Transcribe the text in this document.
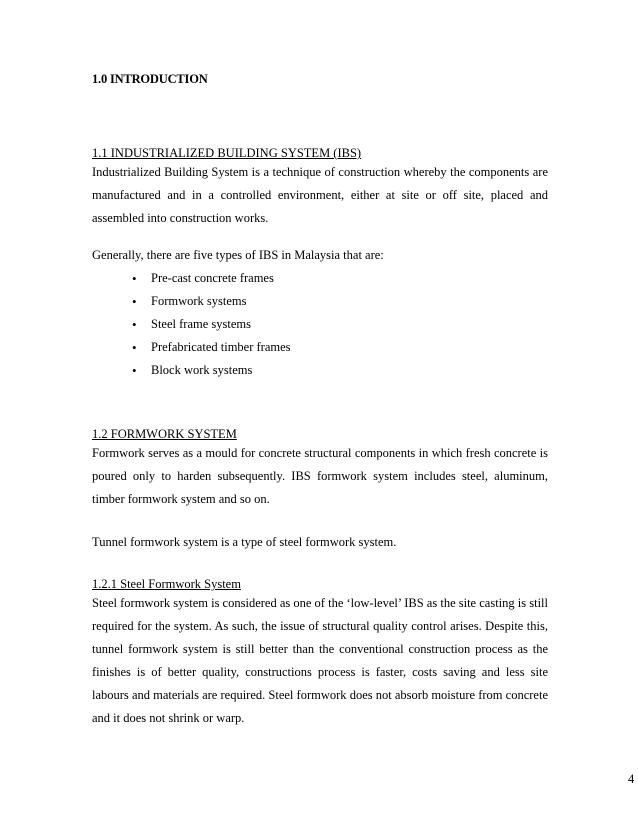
1.0 INTRODUCTION

1.1 INDUSTRIALIZED BUILDING SYSTEM (IBS)

Industrialized Building System is a technique of construction whereby the components are manufactured and in a controlled environment, either at site or off site, placed and assembled into construction works.

Generally, there are five types of IBS in Malaysia that are:

• Pre-cast concrete frames
• Formwork systems
• Steel frame systems
• Prefabricated timber frames
• Block work systems

1.2 FORMWORK SYSTEM

Formwork serves as a mould for concrete structural components in which fresh concrete is poured only to harden subsequently. IBS formwork system includes steel, aluminum, timber formwork system and so on.

Tunnel formwork system is a type of steel formwork system.

1.2.1 Steel Formwork System

Steel formwork system is considered as one of the ‘low-level’ IBS as the site casting is still required for the system. As such, the issue of structural quality control arises. Despite this, tunnel formwork system is still better than the conventional construction process as the finishes is of better quality, constructions process is faster, costs saving and less site labours and materials are required. Steel formwork does not absorb moisture from concrete and it does not shrink or warp.

4
